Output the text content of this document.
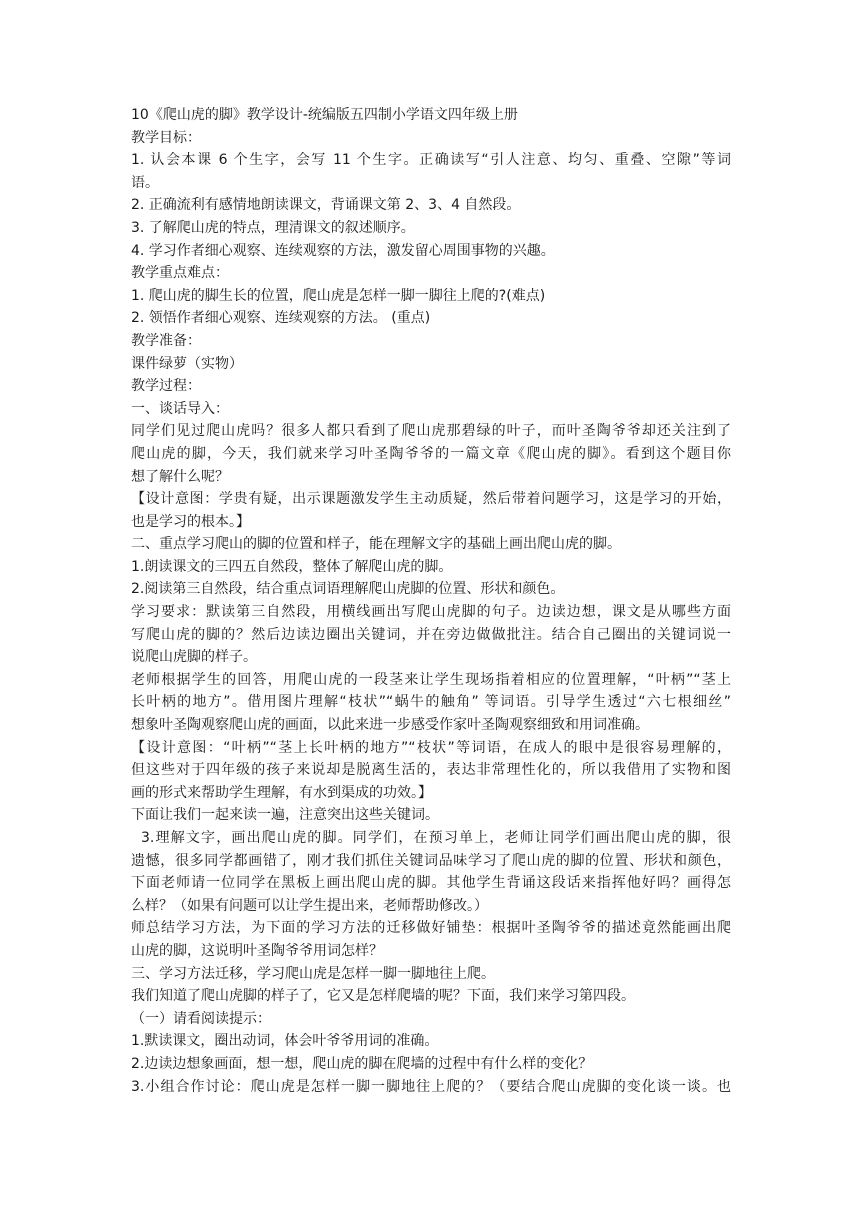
10《爬山虎的脚》教学设计-统编版五四制小学语文四年级上册
教学目标：
1. 认会本课 6 个生字，会写 11 个生字。正确读写“引人注意、均匀、重叠、空隙”等词
语。
2. 正确流利有感情地朗读课文，背诵课文第 2、3、4 自然段。
3. 了解爬山虎的特点，理清课文的叙述顺序。
4. 学习作者细心观察、连续观察的方法，激发留心周围事物的兴趣。
教学重点难点：
1. 爬山虎的脚生长的位置，爬山虎是怎样一脚一脚往上爬的?(难点)
2. 领悟作者细心观察、连续观察的方法。 (重点)
教学准备：
课件绿萝（实物）
教学过程：
一、谈话导入：
同学们见过爬山虎吗？很多人都只看到了爬山虎那碧绿的叶子，而叶圣陶爷爷却还关注到了
爬山虎的脚，今天，我们就来学习叶圣陶爷爷的一篇文章《爬山虎的脚》。看到这个题目你
想了解什么呢？
【设计意图：学贵有疑，出示课题激发学生主动质疑，然后带着问题学习，这是学习的开始，
也是学习的根本。】
二、重点学习爬山的脚的位置和样子，能在理解文字的基础上画出爬山虎的脚。
1.朗读课文的三四五自然段，整体了解爬山虎的脚。
2.阅读第三自然段，结合重点词语理解爬山虎脚的位置、形状和颜色。
学习要求：默读第三自然段，用横线画出写爬山虎脚的句子。边读边想，课文是从哪些方面
写爬山虎的脚的？然后边读边圈出关键词，并在旁边做做批注。结合自己圈出的关键词说一
说爬山虎脚的样子。
老师根据学生的回答，用爬山虎的一段茎来让学生现场指着相应的位置理解，“叶柄”“茎上
长叶柄的地方”。借用图片理解“枝状”“蜗牛的触角” 等词语。引导学生透过“六七根细丝”
想象叶圣陶观察爬山虎的画面，以此来进一步感受作家叶圣陶观察细致和用词准确。
【设计意图：“叶柄”“茎上长叶柄的地方”“枝状”等词语，在成人的眼中是很容易理解的，
但这些对于四年级的孩子来说却是脱离生活的，表达非常理性化的，所以我借用了实物和图
画的形式来帮助学生理解，有水到渠成的功效。】
下面让我们一起来读一遍，注意突出这些关键词。
3.理解文字，画出爬山虎的脚。同学们，在预习单上，老师让同学们画出爬山虎的脚，很
遗憾，很多同学都画错了，刚才我们抓住关键词品味学习了爬山虎的脚的位置、形状和颜色，
下面老师请一位同学在黑板上画出爬山虎的脚。其他学生背诵这段话来指挥他好吗？画得怎
么样？（如果有问题可以让学生提出来，老师帮助修改。）
师总结学习方法，为下面的学习方法的迁移做好铺垫：根据叶圣陶爷爷的描述竟然能画出爬
山虎的脚，这说明叶圣陶爷爷用词怎样？
三、学习方法迁移，学习爬山虎是怎样一脚一脚地往上爬。
我们知道了爬山虎脚的样子了，它又是怎样爬墙的呢？下面，我们来学习第四段。
（一）请看阅读提示：
1.默读课文，圈出动词，体会叶爷爷用词的准确。
2.边读边想象画面，想一想，爬山虎的脚在爬墙的过程中有什么样的变化？
3.小组合作讨论：爬山虎是怎样一脚一脚地往上爬的？（要结合爬山虎脚的变化谈一谈。也
